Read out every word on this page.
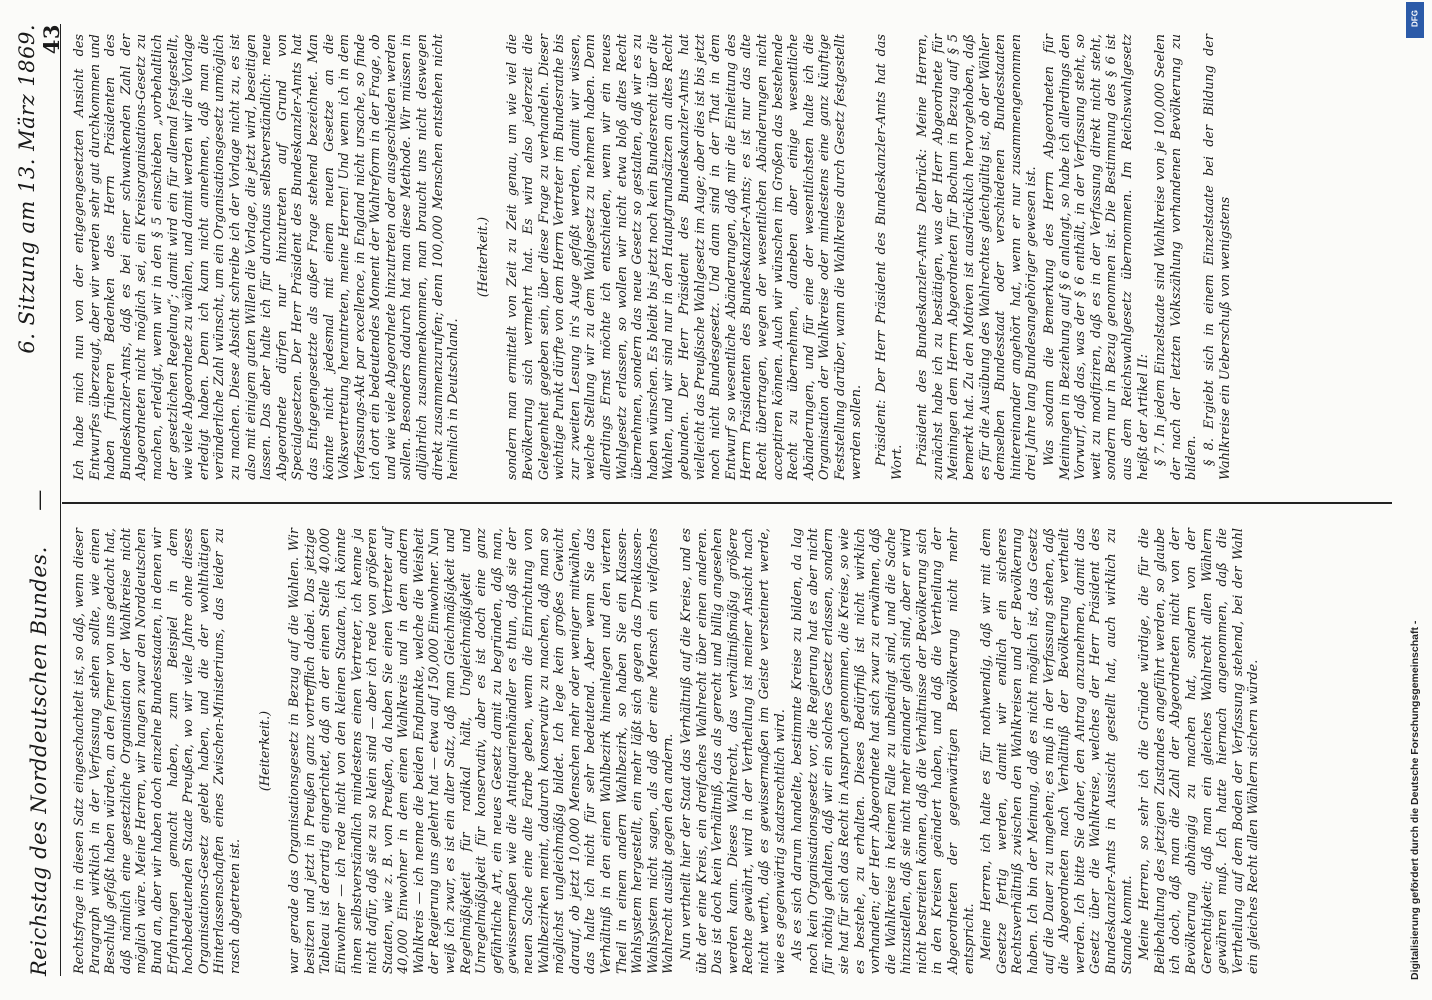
Reichstag des Norddeutschen Bundes.
—
6. Sitzung am 13. März 1869. 43

Rechtsfrage in diesen Satz eingeschachtelt ist, so daß, wenn dieser Paragraph wirklich in der Verfassung stehen sollte, wie einen Beschluß gefaßt haben würden, an den ferner von uns gedacht hat, daß nämlich eine gesetzliche Organisation der Wahlkreise nicht möglich wäre. Meine Herren, wir hangen zwar den Norddeutschen Bund an, aber wir haben doch einzelne Bundesstaaten, in denen wir Erfahrungen gemacht haben, zum Beispiel in dem hochbedeutenden Staate Preußen, wo wir viele Jahre ohne dieses Organisations-Gesetz gelebt haben, und die der wohlthätigen Hinterlassenschaften eines Zwischen-Ministeriums, das leider zu rasch abgetreten ist.

(Heiterkeit.) war gerade das Organisationsgesetz in Bezug auf die Wahlen. Wir besitzen und jetzt in Preußen ganz vortrefflich dabei. Das jetzige Tableau ist derartig eingerichtet, daß an der einen Stelle 40,000 Einwohner — ich rede nicht von den kleinen Staaten, ich könnte ihnen selbstverständlich mindestens einen Vertreter, ich kenne ja nicht dafür, daß sie zu so klein sind — aber ich rede von größeren Staaten, wie z. B. von Preußen, da haben Sie einen Vertreter auf 40,000 Einwohner in dem einen Wahlkreis und in dem andern Wahlkreis — ich nenne die beiden Endpunkte, welche die Weisheit der Regierung uns gelehrt hat — etwa auf 150,000 Einwohner. Nun weiß ich zwar, es ist ein alter Satz, daß man Gleichmäßigkeit und Regelmäßigkeit für radikal hält, Ungleichmäßigkeit und Unregelmäßigkeit für konservativ, aber es ist doch eine ganz gefährliche Art, ein neues Gesetz damit zu begründen, daß man, gewissermaßen wie die Antiquarienhändler es thun, daß sie der neuen Sache eine alte Farbe geben, wenn die Einrichtung von Wahlbezirken meint, dadurch konservativ zu machen, daß man so möglichst ungleichmäßig bildet. Ich lege kein großes Gewicht darauf, ob jetzt 10,000 Menschen mehr oder weniger mitwählen, das halte ich nicht für sehr bedeutend. Aber wenn Sie das Verhältniß in den einen Wahlbezirk hineinlegen und den vierten Theil in einem andern Wahlbezirk, so haben Sie ein Klassen-Wahlsystem hergestellt, ein mehr läßt sich gegen das Dreiklassen-Wahlsystem nicht sagen, als daß der eine Mensch ein vielfaches Wahlrecht ausübt gegen den andern. Nun vertheilt hier der Staat das Verhältniß auf die Kreise, und es übt der eine Kreis, ein dreifaches Wahlrecht über einen anderen. Das ist doch kein Verhältniß, das als gerecht und billig angesehen werden kann. Dieses Wahlrecht, das verhältnißmäßig größere Rechte gewährt, wird in der Vertheilung ist meiner Ansicht nach nicht werth, daß es gewissermaßen im Geiste versteinert werde, wie es gegenwärtig staatsrechtlich wird. Als es sich darum handelte, bestimmte Kreise zu bilden, da lag noch kein Organisationsgesetz vor, die Regierung hat es aber nicht für nöthig gehalten, daß wir ein solches Gesetz erlassen, sondern sie hat für sich das Recht in Anspruch genommen, die Kreise, so wie es bestehe, zu erhalten. Dieses Bedürfniß ist nicht wirklich vorhanden; der Herr Abgeordnete hat sich zwar zu erwähnen, daß die Wahlkreise in keinem Falle zu unbedingt sind, und die Sache hinzustellen, daß sie nicht mehr einander gleich sind, aber er wird nicht bestreiten können, daß die Verhältnisse der Bevölkerung sich in den Kreisen geändert haben, und daß die Vertheilung der Abgeordneten der gegenwärtigen Bevölkerung nicht mehr entspricht. Meine Herren, ich halte es für nothwendig, daß wir mit dem Gesetze fertig werden, damit wir endlich ein sicheres Rechtsverhältniß zwischen den Wahlkreisen und der Bevölkerung haben. Ich bin der Meinung, daß es nicht möglich ist, das Gesetz auf die Dauer zu umgehen; es muß in der Verfassung stehen, daß die Abgeordneten nach Verhältniß der Bevölkerung vertheilt werden. Ich bitte Sie daher, den Antrag anzunehmen, damit das Gesetz über die Wahlkreise, welches der Herr Präsident des Bundeskanzler-Amts in Aussicht gestellt hat, auch wirklich zu Stande kommt. Meine Herren, so sehr ich die Gründe würdige, die für die Beibehaltung des jetzigen Zustandes angeführt werden, so glaube ich doch, daß man die Zahl der Abgeordneten nicht von der Bevölkerung abhängig zu machen hat, sondern von der Gerechtigkeit; daß man ein gleiches Wahlrecht allen Wählern gewähren muß. Ich hatte hiernach angenommen, daß die Vertheilung auf dem Boden der Verfassung stehend, bei der Wahl ein gleiches Recht allen Wählern sichern würde.

Ich habe mich nun von der entgegengesetzten Ansicht des Entwurfes überzeugt, aber wir werden sehr gut durchkommen und haben früheren Bedenken des Herrn Präsidenten des Bundeskanzler-Amts, daß es bei einer schwankenden Zahl der Abgeordneten nicht möglich sei, ein Kreisorganisations-Gesetz zu machen, erledigt, wenn wir in den § 5 einschieben „vorbehaltlich der gesetzlichen Regelung“; damit wird ein für allemal festgestellt, wie viele Abgeordnete zu wählen, und damit werden wir die Vorlage erledigt haben. Denn ich kann nicht annehmen, daß man die veränderliche Zahl wünscht, um ein Organisationsgesetz unmöglich zu machen. Diese Absicht schreibe ich der Vorlage nicht zu, es ist also mit einigem guten Willen die Vorlage, die jetzt wird, beseitigen lassen. Das aber halte ich für durchaus selbstverständlich: neue Abgeordnete dürfen nur hinzutreten auf Grund von Specialgesetzen. Der Herr Präsident des Bundeskanzler-Amts hat das Entgegengesetzte als außer Frage stehend bezeichnet. Man könnte nicht jedesmal mit einem neuen Gesetze an die Volksvertretung herantreten, meine Herren! Und wenn ich in dem Verfassungs-Akt par excellence, in England nicht ursache, so finde ich dort ein bedeutendes Moment der Wahlreform in der Frage, ob und wie viele Abgeordnete hinzutreten oder ausgeschieden werden sollen. Besonders dadurch hat man diese Methode. Wir müssen in alljährlich zusammenkommen, man braucht uns nicht deswegen direkt zusammenzurufen; denn 100,000 Menschen entstehen nicht heimlich in Deutschland.

(Heiterkeit.) sondern man ermittelt von Zeit zu Zeit genau, um wie viel die Bevölkerung sich vermehrt hat. Es wird also jederzeit die Gelegenheit gegeben sein, über diese Frage zu verhandeln. Dieser wichtige Punkt dürfte von dem Herrn Vertreter im Bundesrathe bis zur zweiten Lesung in's Auge gefaßt werden, damit wir wissen, welche Stellung wir zu dem Wahlgesetz zu nehmen haben. Denn allerdings Ernst möchte ich entschieden, wenn wir ein neues Wahlgesetz erlassen, so wollen wir nicht etwa bloß altes Recht übernehmen, sondern das neue Gesetz so gestalten, daß wir es zu haben wünschen. Es bleibt bis jetzt noch kein Bundesrecht über die Wahlen, und wir sind nur in den Hauptgrundsätzen an altes Recht gebunden. Der Herr Präsident des Bundeskanzler-Amts hat vielleicht das Preußische Wahlgesetz im Auge; aber dies ist bis jetzt noch nicht Bundesgesetz. Und dann sind in der That in dem Entwurf so wesentliche Abänderungen, daß mir die Einleitung des Herrn Präsidenten des Bundeskanzler-Amts; es ist nur das alte Recht übertragen, wegen der wesentlichen Abänderungen nicht acceptiren können. Auch wir wünschen im Großen das bestehende Recht zu übernehmen, daneben aber einige wesentliche Abänderungen, und für eine der wesentlichsten halte ich die Organisation der Wahlkreise oder mindestens eine ganz künftige Feststellung darüber, wann die Wahlkreise durch Gesetz festgestellt werden sollen. Präsident: Der Herr Präsident des Bundeskanzler-Amts hat das Wort. Präsident des Bundeskanzler-Amts Delbrück: Meine Herren, zunächst habe ich zu bestätigen, was der Herr Abgeordnete für Meiningen dem Herrn Abgeordneten für Bochum in Bezug auf § 5 bemerkt hat. Zu den Motiven ist ausdrücklich hervorgehoben, daß es für die Ausübung des Wahlrechtes gleichgültig ist, ob der Wähler demselben Bundesstaat oder verschiedenen Bundesstaaten hintereinander angehört hat, wenn er nur zusammengenommen drei Jahre lang Bundesangehöriger gewesen ist. Was sodann die Bemerkung des Herrn Abgeordneten für Meiningen in Beziehung auf § 6 anlangt, so habe ich allerdings den Vorwurf, daß das, was der § 6 enthält, in der Verfassung steht, so weit zu modifiziren, daß es in der Verfassung direkt nicht steht, sondern nur in Bezug genommen ist. Die Bestimmung des § 6 ist aus dem Reichswahlgesetz übernommen. Im Reichswahlgesetz heißt der Artikel II: § 7. In jedem Einzelstaate sind Wahlkreise von je 100,000 Seelen der nach der letzten Volkszählung vorhandenen Bevölkerung zu bilden. § 8. Ergiebt sich in einem Einzelstaate bei der Bildung der Wahlkreise ein Ueberschuß von wenigstens

Digitalisierung gefördert durch die Deutsche Forschungsgemeinschaft -
DFG
